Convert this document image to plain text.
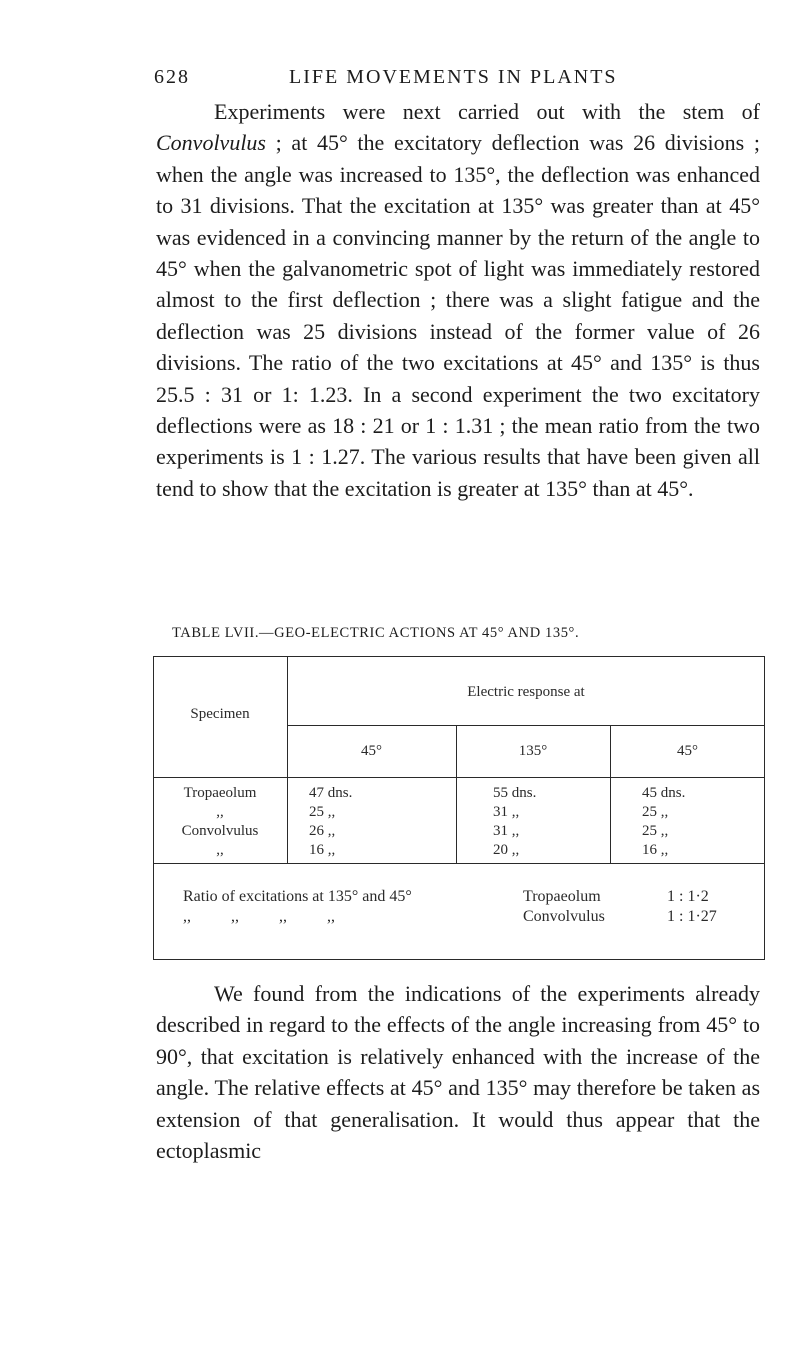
628	LIFE MOVEMENTS IN PLANTS

Experiments were next carried out with the stem of Convolvulus ; at 45° the excitatory deflection was 26 divisions ; when the angle was increased to 135°, the deflection was enhanced to 31 divisions. That the excitation at 135° was greater than at 45° was evidenced in a convincing manner by the return of the angle to 45° when the galvanometric spot of light was immediately restored almost to the first deflection ; there was a slight fatigue and the deflection was 25 divisions instead of the former value of 26 divisions. The ratio of the two excitations at 45° and 135° is thus 25.5 : 31 or 1: 1.23. In a second experiment the two excitatory deflections were as 18 : 21 or 1 : 1.31 ; the mean ratio from the two experiments is 1 : 1.27. The various results that have been given all tend to show that the excitation is greater at 135° than at 45°.

TABLE LVII.—GEO-ELECTRIC ACTIONS AT 45° AND 135°.
Specimen
Electric response at
45°	135°	45°
Tropaeolum	47 dns.	55 dns.	45 dns.
,,	25 ,,	31 ,,	25 ,,
Convolvulus	26 ,,	31 ,,	25 ,,
,,	16 ,,	20 ,,	16 ,,
Ratio of excitations at 135° and 45°	Tropaeolum	1 : 1·2
,,          ,,          ,,          ,,	Convolvulus	1 : 1·27

We found from the indications of the experiments already described in regard to the effects of the angle increasing from 45° to 90°, that excitation is relatively enhanced with the increase of the angle. The relative effects at 45° and 135° may therefore be taken as extension of that generalisation. It would thus appear that the ectoplasmic
